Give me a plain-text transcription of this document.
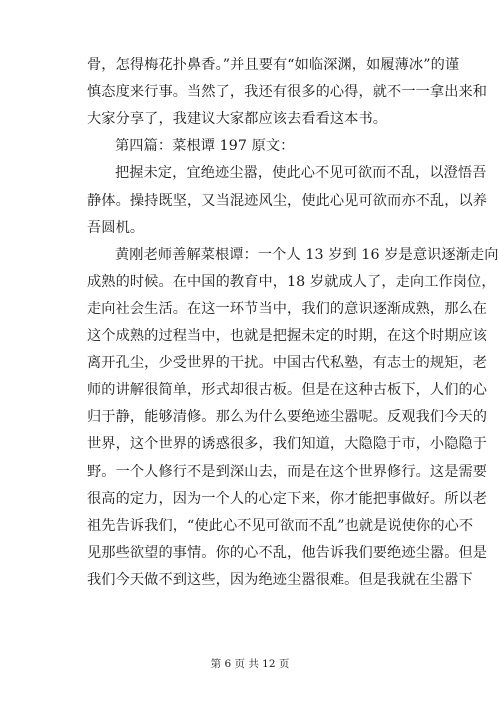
骨，怎得梅花扑鼻香。”并且要有“如临深渊，如履薄冰”的谨
慎态度来行事。当然了，我还有很多的心得，就不一一拿出来和
大家分享了，我建议大家都应该去看看这本书。
第四篇：菜根谭 197 原文：
把握未定，宜绝迹尘嚣，使此心不见可欲而不乱，以澄悟吾
静体。操持既坚，又当混迹风尘，使此心见可欲而亦不乱，以养
吾圆机。
黄刚老师善解菜根谭：一个人 13 岁到 16 岁是意识逐渐走向
成熟的时候。在中国的教育中，18 岁就成人了，走向工作岗位，
走向社会生活。在这一环节当中，我们的意识逐渐成熟，那么在
这个成熟的过程当中，也就是把握未定的时期，在这个时期应该
离开孔尘，少受世界的干扰。中国古代私塾，有志士的规矩，老
师的讲解很简单，形式却很古板。但是在这种古板下，人们的心
归于静，能够清修。那么为什么要绝迹尘嚣呢。反观我们今天的
世界，这个世界的诱惑很多，我们知道，大隐隐于市，小隐隐于
野。一个人修行不是到深山去，而是在这个世界修行。这是需要
很高的定力，因为一个人的心定下来，你才能把事做好。所以老
祖先告诉我们，“使此心不见可欲而不乱”也就是说使你的心不
见那些欲望的事情。你的心不乱，他告诉我们要绝迹尘嚣。但是
我们今天做不到这些，因为绝迹尘嚣很难。但是我就在尘嚣下
第 6 页 共 12 页
